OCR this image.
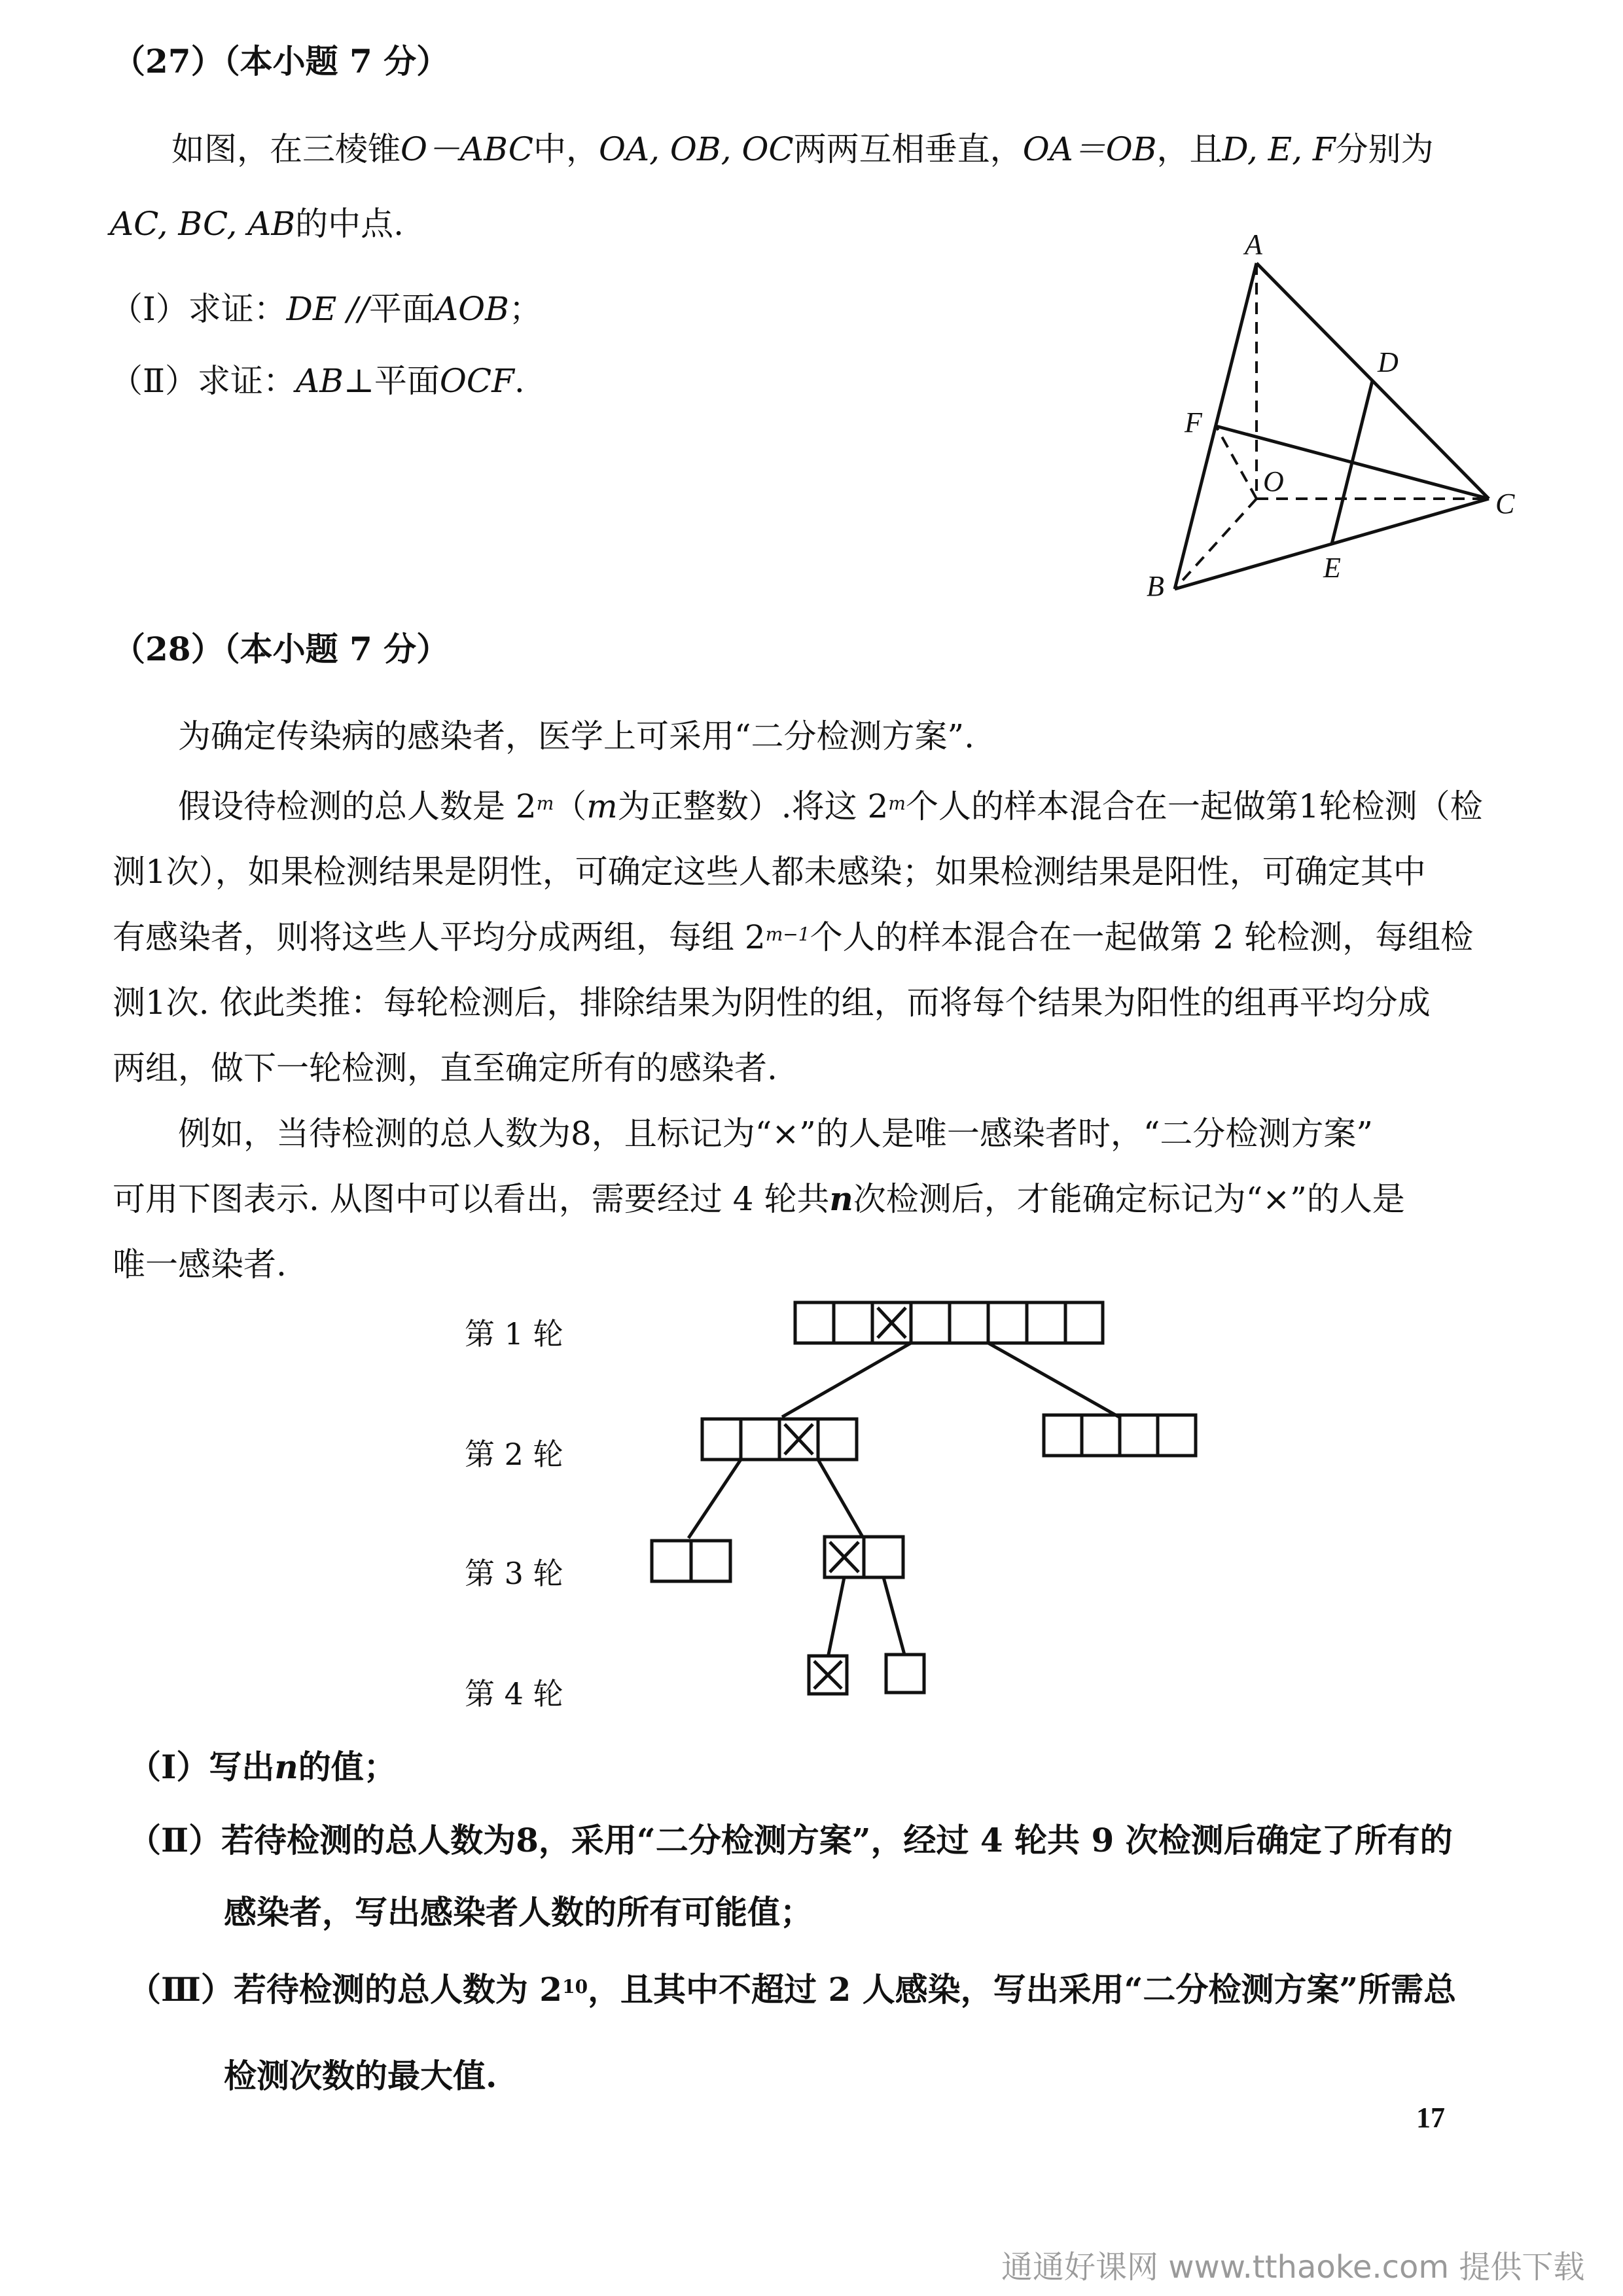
（27）（本小题 7 分）
如图，在三棱锥O－ABC中，OA, OB, OC两两互相垂直，OA＝OB，且D, E, F分别为
AC, BC, AB的中点.
（Ⅰ）求证：DE //平面AOB；
（Ⅱ）求证：AB⊥平面OCF.
A
B
C
D
E
F
O
（28）（本小题 7 分）
为确定传染病的感染者，医学上可采用“二分检测方案”.
假设待检测的总人数是 2$^m$（m为正整数）.将这 2$^m$个人的样本混合在一起做第1轮检测（检
测1次），如果检测结果是阴性，可确定这些人都未感染；如果检测结果是阳性，可确定其中
有感染者，则将这些人平均分成两组，每组 $2^{m-1}$个人的样本混合在一起做第 2 轮检测，每组检
测1次. 依此类推：每轮检测后，排除结果为阴性的组，而将每个结果为阳性的组再平均分成
两组，做下一轮检测，直至确定所有的感染者.
例如，当待检测的总人数为8，且标记为“×”的人是唯一感染者时，“二分检测方案”
可用下图表示. 从图中可以看出，需要经过 4 轮共n次检测后，才能确定标记为“×”的人是
唯一感染者.
第 1 轮
第 2 轮
第 3 轮
第 4 轮
（Ⅰ）写出n的值；
（Ⅱ）若待检测的总人数为8，采用“二分检测方案”，经过 4 轮共 9 次检测后确定了所有的
感染者，写出感染者人数的所有可能值；
（Ⅲ）若待检测的总人数为 $2^{10}$，且其中不超过 2 人感染，写出采用“二分检测方案”所需总
检测次数的最大值.
17
通通好课网 www.tthaoke.com 提供下载
